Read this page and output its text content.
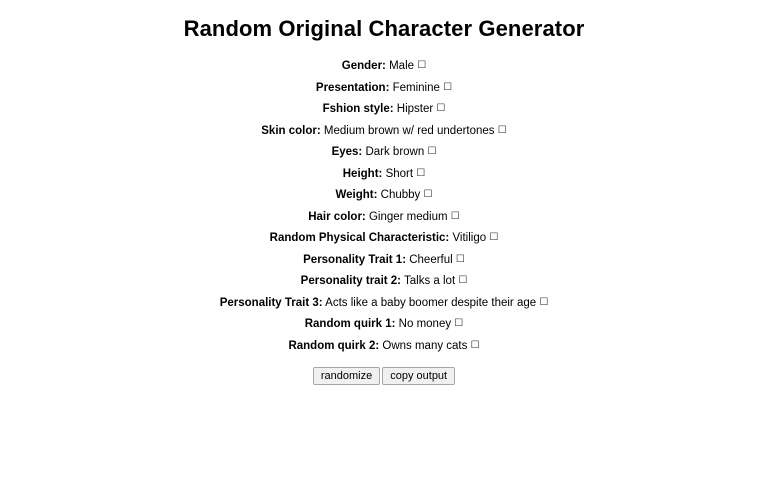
Random Original Character Generator
Gender: Male ☐
Presentation: Feminine ☐
Fshion style: Hipster ☐
Skin color: Medium brown w/ red undertones ☐
Eyes: Dark brown ☐
Height: Short ☐
Weight: Chubby ☐
Hair color: Ginger medium ☐
Random Physical Characteristic: Vitiligo ☐
Personality Trait 1: Cheerful ☐
Personality trait 2: Talks a lot ☐
Personality Trait 3: Acts like a baby boomer despite their age ☐
Random quirk 1: No money ☐
Random quirk 2: Owns many cats ☐
randomize copy output
